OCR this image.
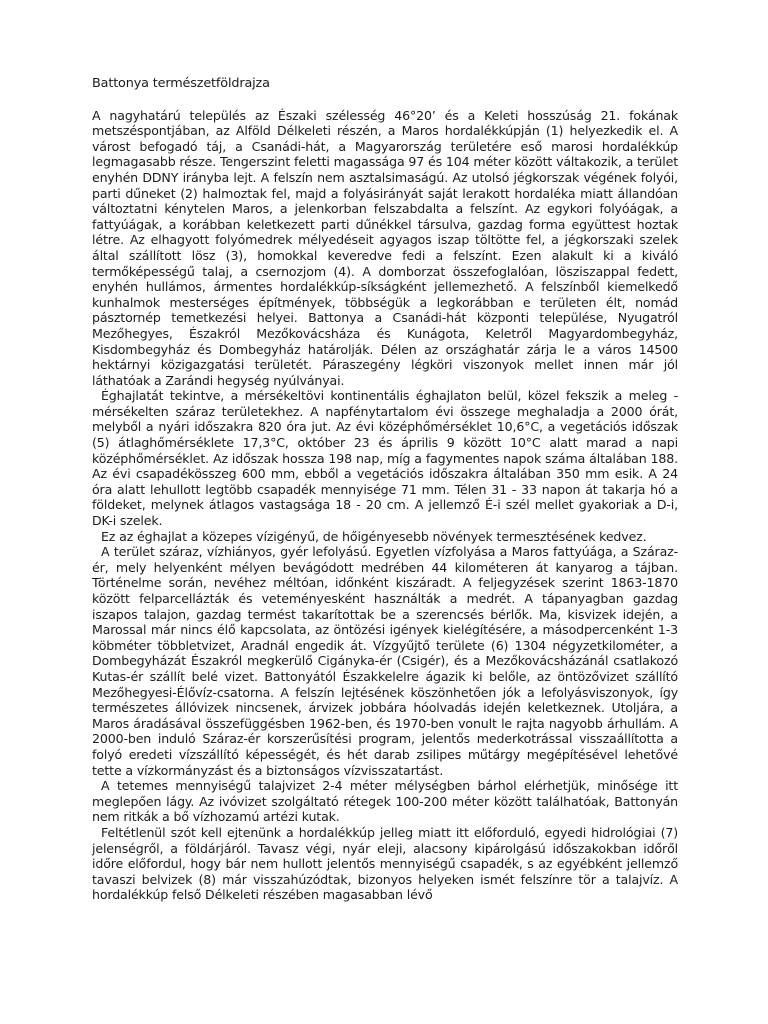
Battonya természetföldrajza

A nagyhatárú település az Északi szélesség 46°20’ és a Keleti hosszúság 21. fokának metszéspontjában, az Alföld Délkeleti részén, a Maros hordalékkúpján (1) helyezkedik el. A várost befogadó táj, a Csanádi-hát, a Magyarország területére eső marosi hordalékkúp legmagasabb része. Tengerszint feletti magassága 97 és 104 méter között váltakozik, a terület enyhén DDNY irányba lejt. A felszín nem asztalsimaságú. Az utolsó jégkorszak végének folyói, parti dűneket (2) halmoztak fel, majd a folyásirányát saját lerakott hordaléka miatt állandóan változtatni kénytelen Maros, a jelenkorban felszabdalta a felszínt. Az egykori folyóágak, a fattyúágak, a korábban keletkezett parti dűnékkel társulva, gazdag forma együttest hoztak létre. Az elhagyott folyómedrek mélyedéseit agyagos iszap töltötte fel, a jégkorszaki szelek által szállított lösz (3), homokkal keveredve fedi a felszínt. Ezen alakult ki a kiváló termőképességű talaj, a csernozjom (4). A domborzat összefoglalóan, lösziszappal fedett, enyhén hullámos, ármentes hordalékkúp-síkságként jellemezhető. A felszínből kiemelkedő kunhalmok mesterséges építmények, többségük a legkorábban e területen élt, nomád pásztornép temetkezési helyei. Battonya a Csanádi-hát központi települése, Nyugatról Mezőhegyes, Északról Mezőkovácsháza és Kunágota, Keletről Magyardombegyház, Kisdombegyház és Dombegyház határolják. Délen az országhatár zárja le a város 14500 hektárnyi közigazgatási területét. Páraszegény légköri viszonyok mellet innen már jól láthatóak a Zarándi hegység nyúlványai.

Éghajlatát tekintve, a mérsékeltövi kontinentális éghajlaton belül, közel fekszik a meleg - mérsékelten száraz területekhez. A napfénytartalom évi összege meghaladja a 2000 órát, melyből a nyári időszakra 820 óra jut. Az évi középhőmérséklet 10,6°C, a vegetációs időszak (5) átlaghőmérséklete 17,3°C, október 23 és április 9 között 10°C alatt marad a napi középhőmérséklet. Az időszak hossza 198 nap, míg a fagymentes napok száma általában 188. Az évi csapadékösszeg 600 mm, ebből a vegetációs időszakra általában 350 mm esik. A 24 óra alatt lehullott legtöbb csapadék mennyisége 71 mm. Télen 31 - 33 napon át takarja hó a földeket, melynek átlagos vastagsága 18 - 20 cm. A jellemző É-i szél mellet gyakoriak a D-i, DK-i szelek.

Ez az éghajlat a közepes vízigényű, de hőigényesebb növények termesztésének kedvez.

A terület száraz, vízhiányos, gyér lefolyású. Egyetlen vízfolyása a Maros fattyúága, a Száraz-ér, mely helyenként mélyen bevágódott medrében 44 kilométeren át kanyarog a tájban. Történelme során, nevéhez méltóan, időnként kiszáradt. A feljegyzések szerint 1863-1870 között felparcellázták és veteményesként használták a medrét. A tápanyagban gazdag iszapos talajon, gazdag termést takarítottak be a szerencsés bérlők. Ma, kisvizek idején, a Marossal már nincs élő kapcsolata, az öntözési igények kielégítésére, a másodpercenként 1-3 köbméter többletvizet, Aradnál engedik át. Vízgyűjtő területe (6) 1304 négyzetkilométer, a Dombegyházát Északról megkerülő Cigányka-ér (Csigér), és a Mezőkovácsházánál csatlakozó Kutas-ér szállít belé vizet. Battonyától Északkelelre ágazik ki belőle, az öntözővizet szállító Mezőhegyesi-Élővíz-csatorna. A felszín lejtésének köszönhetően jók a lefolyásviszonyok, így természetes állóvizek nincsenek, árvizek jobbára hóolvadás idején keletkeznek. Utoljára, a Maros áradásával összefüggésben 1962-ben, és 1970-ben vonult le rajta nagyobb árhullám. A 2000-ben induló Száraz-ér korszerűsítési program, jelentős mederkotrással visszaállította a folyó eredeti vízszállító képességét, és hét darab zsilipes műtárgy megépítésével lehetővé tette a vízkormányzást és a biztonságos vízvisszatartást.

A tetemes mennyiségű talajvizet 2-4 méter mélységben bárhol elérhetjük, minősége itt meglepően lágy. Az ivóvizet szolgáltató rétegek 100-200 méter között találhatóak, Battonyán nem ritkák a bő vízhozamú artézi kutak.

Feltétlenül szót kell ejtenünk a hordalékkúp jelleg miatt itt előforduló, egyedi hidrológiai (7) jelenségről, a földárjáról. Tavasz végi, nyár eleji, alacsony kipárolgású időszakokban időről időre előfordul, hogy bár nem hullott jelentős mennyiségű csapadék, s az egyébként jellemző tavaszi belvizek (8) már visszahúzódtak, bizonyos helyeken ismét felszínre tör a talajvíz. A hordalékkúp felső Délkeleti részében magasabban lévő
